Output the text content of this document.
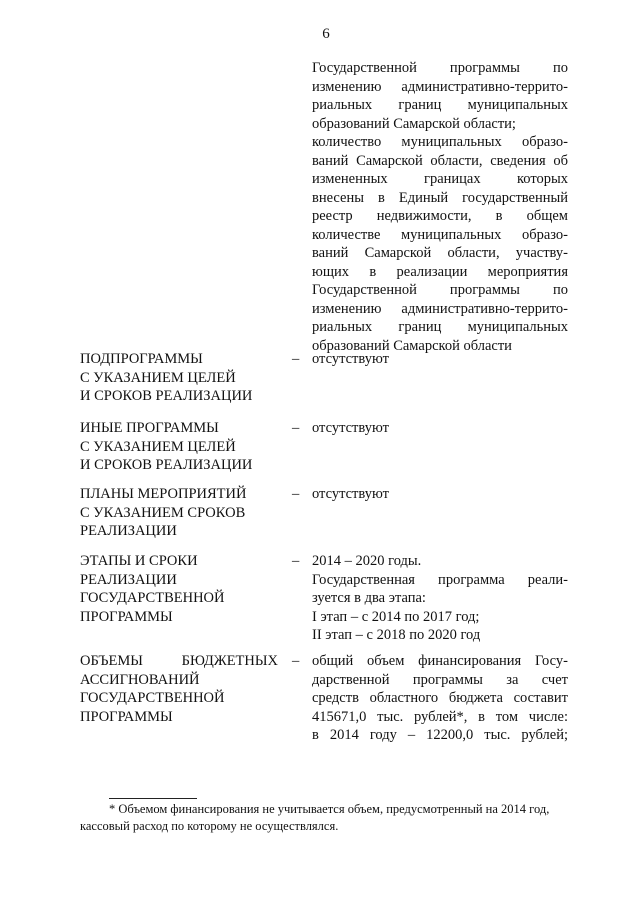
6
Государственной программы по
изменению административно-террито-
риальных границ муниципальных
образований Самарской области;
количество муниципальных образо-
ваний Самарской области, сведения об
измененных границах которых
внесены в Единый государственный
реестр недвижимости, в общем
количестве муниципальных образо-
ваний Самарской области, участву-
ющих в реализации мероприятия
Государственной программы по
изменению административно-террито-
риальных границ муниципальных
образований Самарской области
ПОДПРОГРАММЫ
С УКАЗАНИЕМ ЦЕЛЕЙ
И СРОКОВ РЕАЛИЗАЦИИ
– отсутствуют
ИНЫЕ ПРОГРАММЫ
С УКАЗАНИЕМ ЦЕЛЕЙ
И СРОКОВ РЕАЛИЗАЦИИ
– отсутствуют
ПЛАНЫ МЕРОПРИЯТИЙ
С УКАЗАНИЕМ СРОКОВ
РЕАЛИЗАЦИИ
– отсутствуют
ЭТАПЫ И СРОКИ
РЕАЛИЗАЦИИ
ГОСУДАРСТВЕННОЙ
ПРОГРАММЫ
– 2014 – 2020 годы.
Государственная программа реали-
зуется в два этапа:
I этап – с 2014 по 2017 год;
II этап – с 2018 по 2020 год
ОБЪЕМЫ БЮДЖЕТНЫХ
АССИГНОВАНИЙ
ГОСУДАРСТВЕННОЙ
ПРОГРАММЫ
– общий объем финансирования Госу-
дарственной программы за счет
средств областного бюджета составит
415671,0 тыс. рублей*, в том числе:
в 2014 году – 12200,0 тыс. рублей;
* Объемом финансирования не учитывается объем, предусмотренный на 2014 год,
кассовый расход по которому не осуществлялся.
